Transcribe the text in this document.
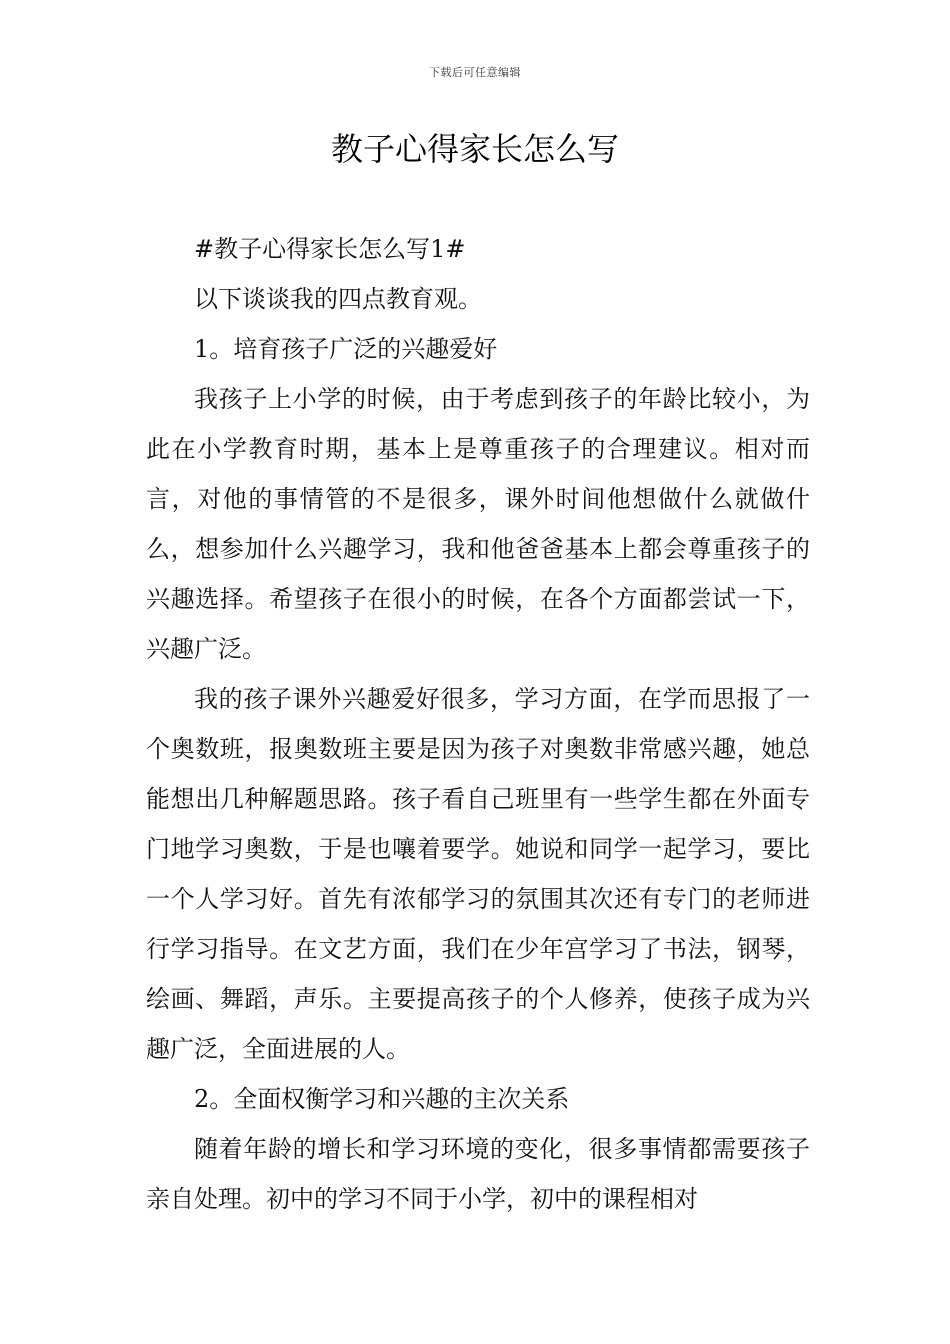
下载后可任意编辑
教子心得家长怎么写

#教子心得家长怎么写1#

以下谈谈我的四点教育观。

1。培育孩子广泛的兴趣爱好

我孩子上小学的时候，由于考虑到孩子的年龄比较小，为此在小学教育时期，基本上是尊重孩子的合理建议。相对而言，对他的事情管的不是很多，课外时间他想做什么就做什么，想参加什么兴趣学习，我和他爸爸基本上都会尊重孩子的兴趣选择。希望孩子在很小的时候，在各个方面都尝试一下，兴趣广泛。

我的孩子课外兴趣爱好很多，学习方面，在学而思报了一个奥数班，报奥数班主要是因为孩子对奥数非常感兴趣，她总能想出几种解题思路。孩子看自己班里有一些学生都在外面专门地学习奥数，于是也嚷着要学。她说和同学一起学习，要比一个人学习好。首先有浓郁学习的氛围其次还有专门的老师进行学习指导。在文艺方面，我们在少年宫学习了书法，钢琴，绘画、舞蹈，声乐。主要提高孩子的个人修养，使孩子成为兴趣广泛，全面进展的人。

2。全面权衡学习和兴趣的主次关系

随着年龄的增长和学习环境的变化，很多事情都需要孩子亲自处理。初中的学习不同于小学，初中的课程相对
